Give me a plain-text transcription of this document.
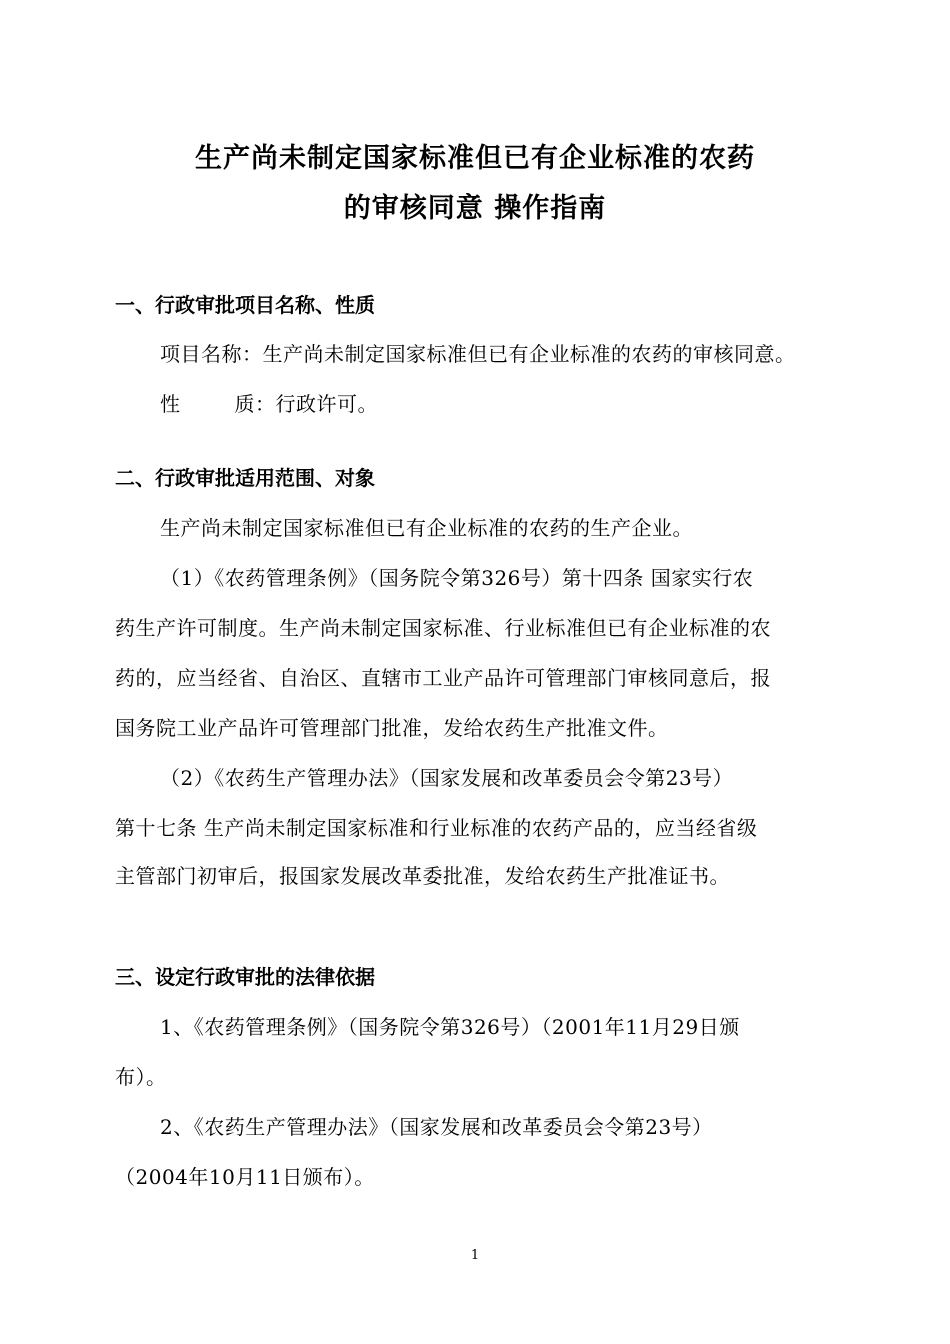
生产尚未制定国家标准但已有企业标准的农药
的审核同意 操作指南
一、行政审批项目名称、性质
项目名称：生产尚未制定国家标准但已有企业标准的农药的审核同意。
性	质：行政许可。
二、行政审批适用范围、对象
生产尚未制定国家标准但已有企业标准的农药的生产企业。
（1）《农药管理条例》（国务院令第326号）第十四条 国家实行农
药生产许可制度。生产尚未制定国家标准、行业标准但已有企业标准的农
药的，应当经省、自治区、直辖市工业产品许可管理部门审核同意后，报
国务院工业产品许可管理部门批准，发给农药生产批准文件。
（2）《农药生产管理办法》（国家发展和改革委员会令第23号）
第十七条 生产尚未制定国家标准和行业标准的农药产品的，应当经省级
主管部门初审后，报国家发展改革委批准，发给农药生产批准证书。
三、设定行政审批的法律依据
1、《农药管理条例》（国务院令第326号）（2001年11月29日颁
布）。
2、《农药生产管理办法》（国家发展和改革委员会令第23号）
（2004年10月11日颁布）。
1
